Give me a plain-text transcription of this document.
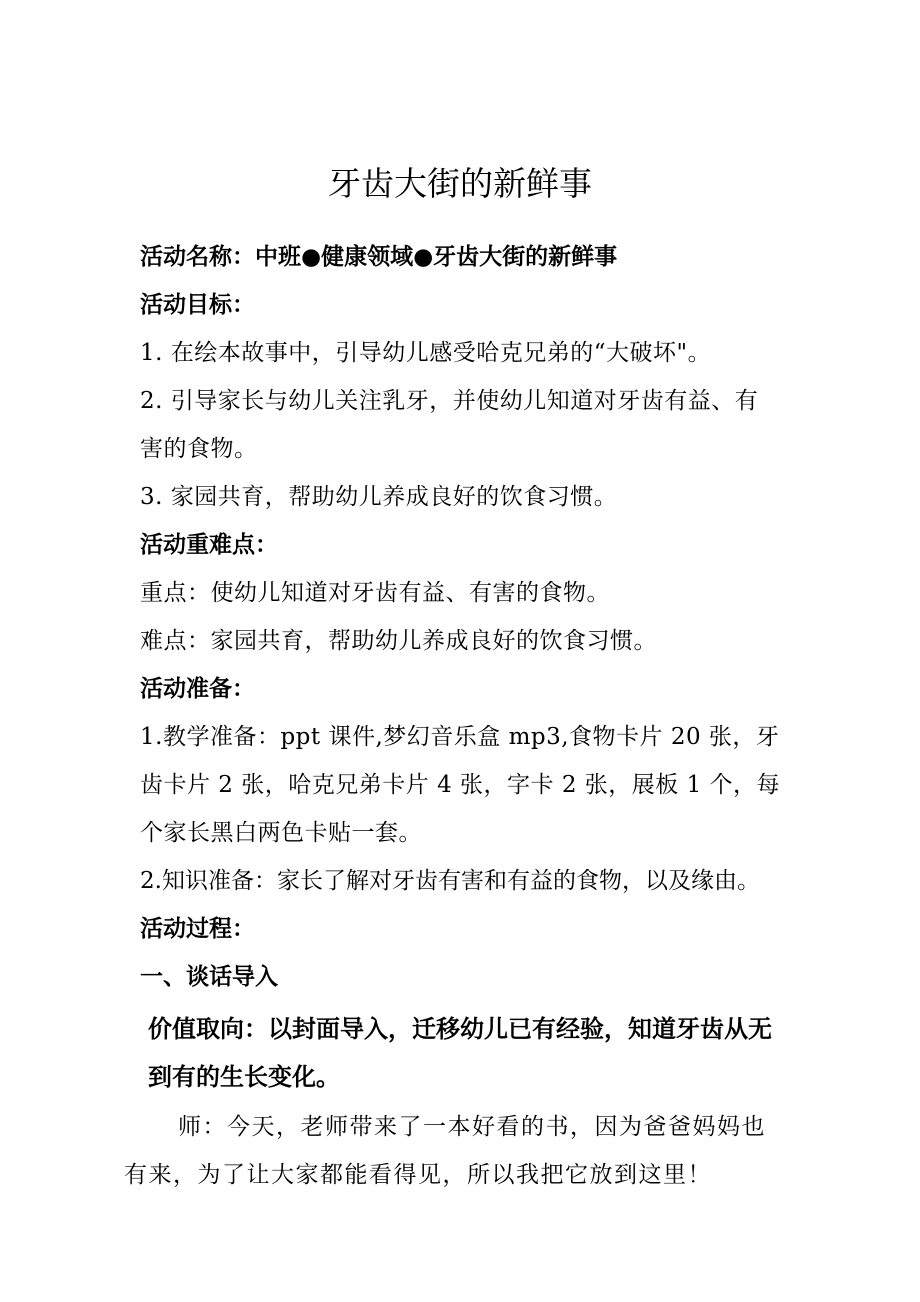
牙齿大街的新鲜事

活动名称：中班●健康领域●牙齿大街的新鲜事

活动目标：

1. 在绘本故事中，引导幼儿感受哈克兄弟的“大破坏"。

2. 引导家长与幼儿关注乳牙，并使幼儿知道对牙齿有益、有

害的食物。

3. 家园共育，帮助幼儿养成良好的饮食习惯。

活动重难点：

重点：使幼儿知道对牙齿有益、有害的食物。

难点：家园共育，帮助幼儿养成良好的饮食习惯。

活动准备：

1.教学准备：ppt 课件,梦幻音乐盒 mp3,食物卡片 20 张，牙

齿卡片 2 张，哈克兄弟卡片 4 张，字卡 2 张，展板 1 个，每

个家长黑白两色卡贴一套。

2.知识准备：家长了解对牙齿有害和有益的食物，以及缘由。

活动过程：

一、谈话导入

价值取向：以封面导入，迁移幼儿已有经验，知道牙齿从无

到有的生长变化。

师：今天，老师带来了一本好看的书，因为爸爸妈妈也

有来，为了让大家都能看得见，所以我把它放到这里！
